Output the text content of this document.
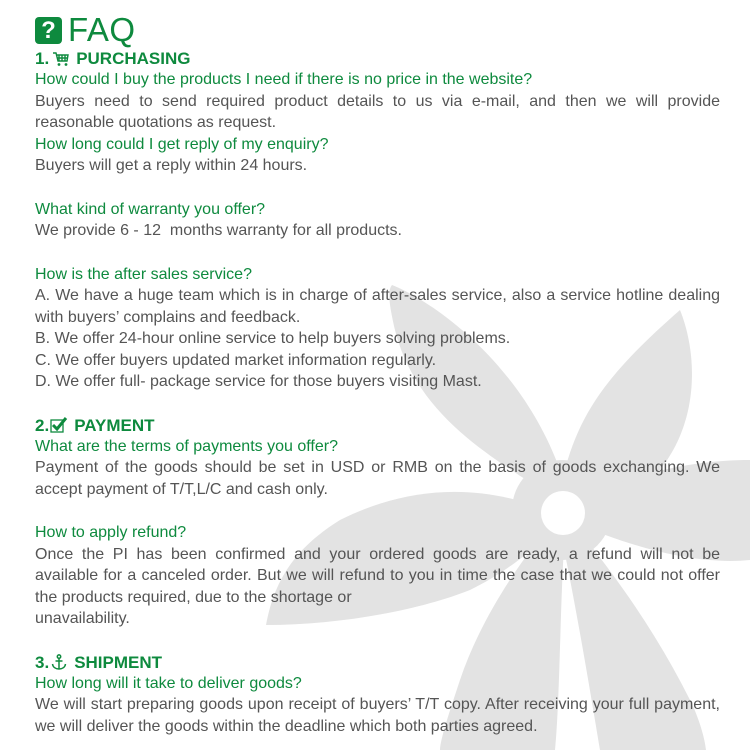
? FAQ
1. PURCHASING
How could I buy the products I need if there is no price in the website?
Buyers need to send required product details to us via e-mail, and then we will provide reasonable quotations as request.
How long could I get reply of my enquiry?
Buyers will get a reply within 24 hours.
What kind of warranty you offer?
We provide 6 - 12  months warranty for all products.
How is the after sales service?
A. We have a huge team which is in charge of after-sales service, also a service hotline dealing with buyers’ complains and feedback.
B. We offer 24-hour online service to help buyers solving problems.
C. We offer buyers updated market information regularly.
D. We offer full- package service for those buyers visiting Mast.
2. PAYMENT
What are the terms of payments you offer?
Payment of the goods should be set in USD or RMB on the basis of goods exchanging. We accept payment of T/T,L/C and cash only.
How to apply refund?
Once the PI has been confirmed and your ordered goods are ready, a refund will not be available for a canceled order. But we will refund to you in time the case that we could not offer the products required, due to the shortage or
unavailability.
3. SHIPMENT
How long will it take to deliver goods?
We will start preparing goods upon receipt of buyers’ T/T copy. After receiving your full payment, we will deliver the goods within the deadline which both parties agreed.
